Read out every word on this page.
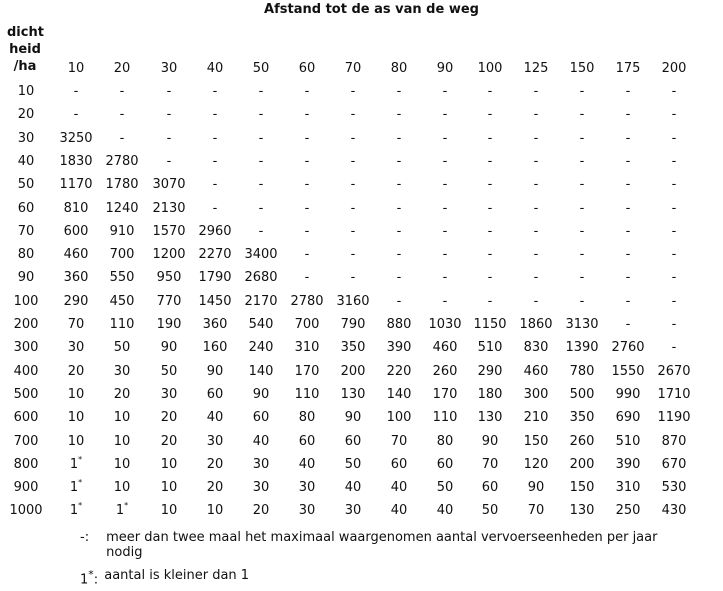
Afstand tot de as van de weg
dicht
heid
/ha	10 20 30 40 50 60 70 80 90 100 125 150 175 200
10	-	-	-	-	-	-	-	-	-	-	-	-	-	-
20	-	-	-	-	-	-	-	-	-	-	-	-	-	-
30	3250	-	-	-	-	-	-	-	-	-	-	-	-	-
40	1830 2780	-	-	-	-	-	-	-	-	-	-	-	-
50	1170 1780	3070	-	-	-	-	-	-	-	-	-	-	-
60	810	1240	2130	-	-	-	-	-	-	-	-	-	-	-
70	600	910	1570 2960	-	-	-	-	-	-	-	-	-	-
80	460	700	1200 2270 3400	-	-	-	-	-	-	-	-	-
90	360	550	950	1790 2680	-	-	-	-	-	-	-	-	-
100	290	450	770	1450 2170 2780 3160	-	-	-	-	-	-	-
200	70	110	190	360	540	700	790	880	1030 1150 1860 3130	-	-
300	30	50	90	160	240	310	350	390	460	510	830	1390 2760	-
400	20	30	50	90	140	170	200	220	260	290	460	780	1550 2670
500	10	20	30	60	90	110	130	140	170	180	300	500	990	1710
600	10	10	20	40	60	80	90	100	110	130	210	350	690	1190
700	10	10	20	30	40	60	60	70	80	90	150	260	510	870
800	1*	10	10	20	30	40	50	60	60	70	120	200	390	670
900	1*	10	10	20	30	30	40	40	50	60	90	150	310	530
1000	1*	1*	10	10	20	30	30	40	40	50	70	130	250	430
-: meer dan twee maal het maximaal waargenomen aantal vervoerseenheden per jaar nodig
1*: aantal is kleiner dan 1
